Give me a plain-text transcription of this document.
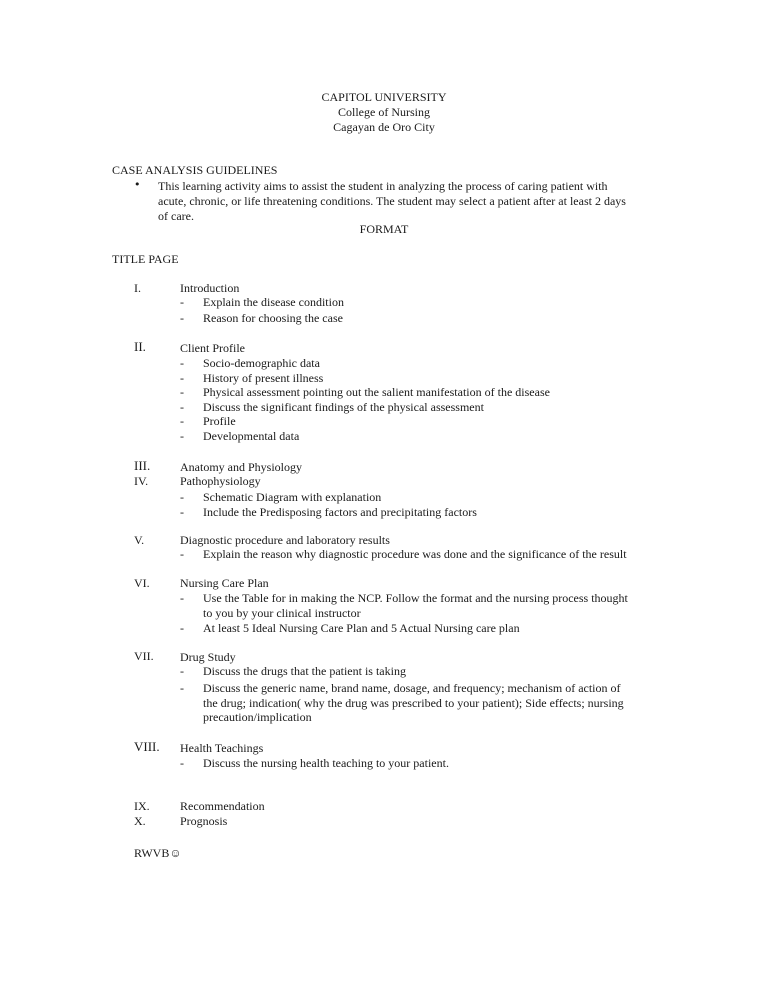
CAPITOL UNIVERSITY
College of Nursing
Cagayan de Oro City
CASE ANALYSIS GUIDELINES
• This learning activity aims to assist the student in analyzing the process of caring patient with
acute, chronic, or life threatening conditions. The student may select a patient after at least 2 days
of care.
FORMAT
TITLE PAGE
I.	Introduction
- Explain the disease condition
- Reason for choosing the case
II.	Client Profile
- Socio-demographic data
- History of present illness
- Physical assessment pointing out the salient manifestation of the disease
- Discuss the significant findings of the physical assessment
- Profile
- Developmental data
III. Anatomy and Physiology
IV.	Pathophysiology
- Schematic Diagram with explanation
- Include the Predisposing factors and precipitating factors
V.	Diagnostic procedure and laboratory results
- Explain the reason why diagnostic procedure was done and the significance of the result
VI.	Nursing Care Plan
- Use the Table for in making the NCP. Follow the format and the nursing process thought
to you by your clinical instructor
- At least 5 Ideal Nursing Care Plan and 5 Actual Nursing care plan
VII. Drug Study
- Discuss the drugs that the patient is taking
- Discuss the generic name, brand name, dosage, and frequency; mechanism of action of
the drug; indication( why the drug was prescribed to your patient); Side effects; nursing
precaution/implication
VIII. Health Teachings
- Discuss the nursing health teaching to your patient.
IX.	Recommendation
X.	Prognosis
RWVB☺
